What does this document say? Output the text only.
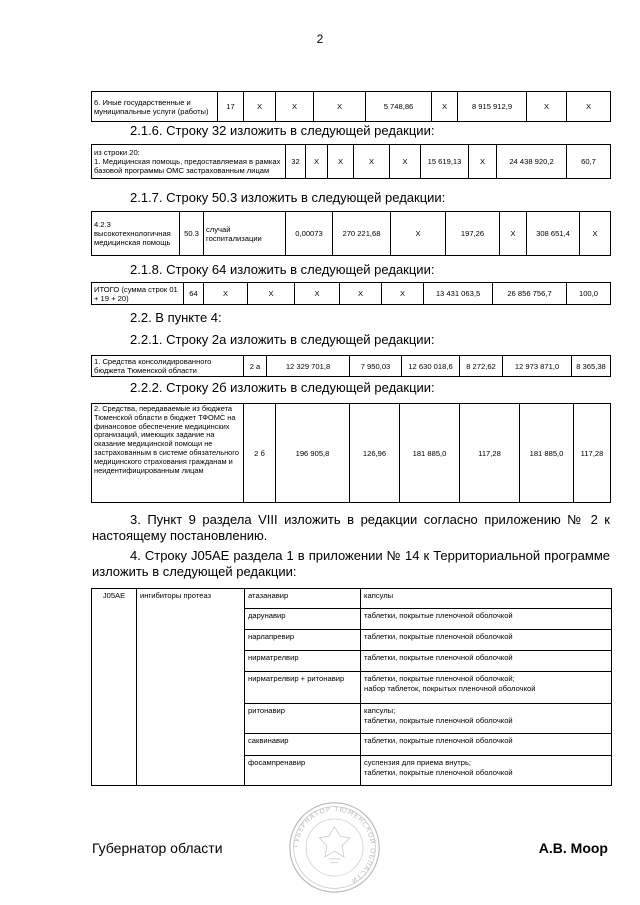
2
6. Иные государственные и муниципальные услуги (работы)	17	Х	Х	Х	5 748,86	Х	8 915 912,9	Х	Х
2.1.6. Строку 32 изложить в следующей редакции:
из строки 20:
1. Медицинская помощь, предоставляемая в рамках базовой программы ОМС застрахованным лицам	32	Х	Х	Х	Х	15 619,13	Х	24 438 920,2	60,7
2.1.7. Строку 50.3 изложить в следующей редакции:
4.2.3
высокотехнологичная медицинская помощь	50.3	случай госпитализации	0,00073	270 221,68	Х	197,26	Х	308 651,4	Х
2.1.8. Строку 64 изложить в следующей редакции:
ИТОГО (сумма строк 01 + 19 + 20)	64	Х	Х	Х	Х	Х	13 431 063,5	26 856 756,7	100,0
2.2. В пункте 4:
2.2.1. Строку 2а изложить в следующей редакции:
1. Средства консолидированного бюджета Тюменской области	2 а	12 329 701,8	7 950,03	12 630 018,6	8 272,62	12 973 871,0	8 365,38
2.2.2. Строку 2б изложить в следующей редакции:
2. Средства, передаваемые из бюджета Тюменской области в бюджет ТФОМС на финансовое обеспечение медицинских организаций, имеющих задание на оказание медицинской помощи не застрахованным в системе обязательного медицинского страхования гражданам и неидентифицированным лицам	2 б	196 905,8	126,96	181 885,0	117,28	181 885,0	117,28
3. Пункт 9 раздела VIII изложить в редакции согласно приложению № 2 к настоящему постановлению.
4. Строку J05AE раздела 1 в приложении № 14 к Территориальной программе изложить в следующей редакции:
J05AE	ингибиторы протеаз	атазанавир	капсулы
		дарунавир	таблетки, покрытые пленочной оболочкой
		нарлапревир	таблетки, покрытые пленочной оболочкой
		нирматрелвир	таблетки, покрытые пленочной оболочкой
		нирматрелвир + ритонавир	таблетки, покрытые пленочной оболочкой;
набор таблеток, покрытых пленочной оболочкой
		ритонавир	капсулы;
таблетки, покрытые пленочной оболочкой
		саквинавир	таблетки, покрытые пленочной оболочкой
		фосампренавир	суспензия для приема внутрь;
таблетки, покрытые пленочной оболочкой
ГУБЕРНАТОР ТЮМЕНСКОЙ ОБЛАСТИ
Губернатор области	А.В. Моор
